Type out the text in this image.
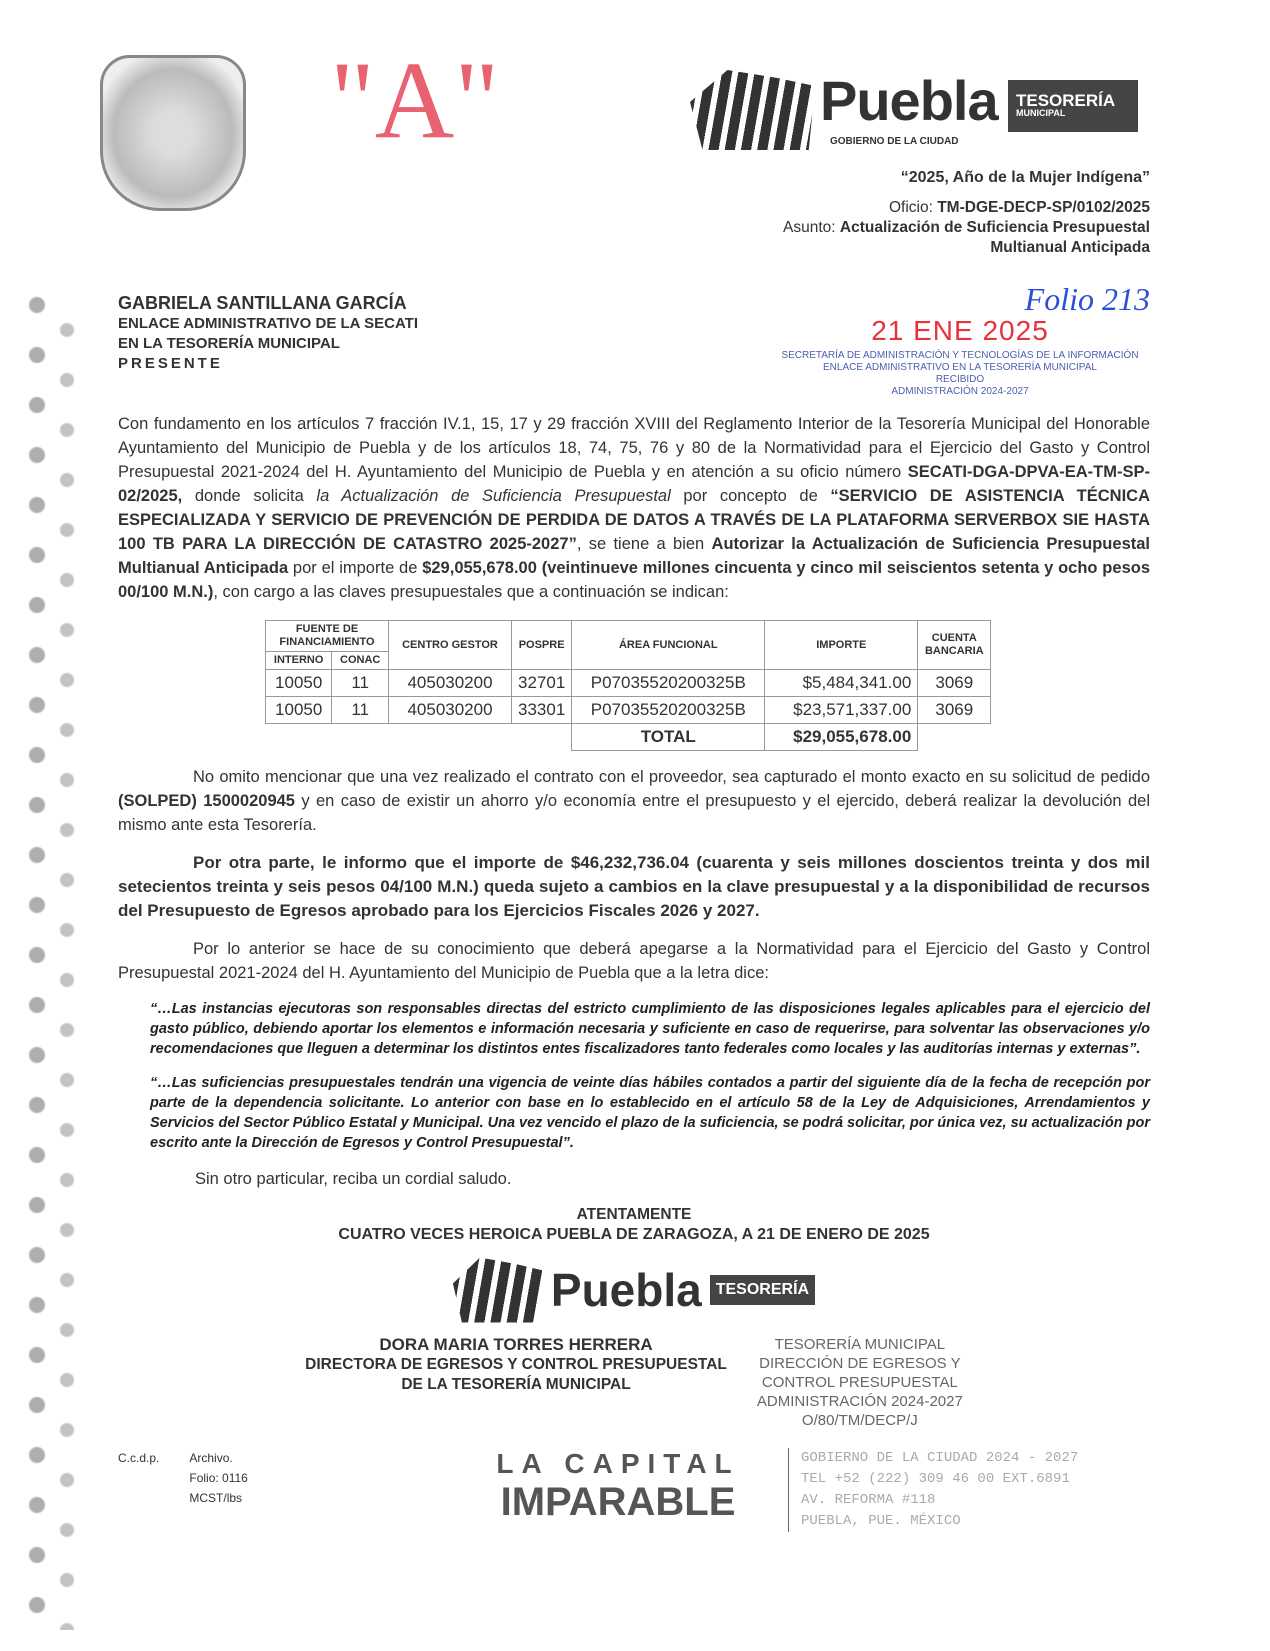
"A"	Puebla
GOBIERNO DE LA CIUDAD
TESORERÍA
MUNICIPAL
“2025, Año de la Mujer Indígena”
Oficio: TM-DGE-DECP-SP/0102/2025
Asunto: Actualización de Suficiencia Presupuestal Multianual Anticipada
GABRIELA SANTILLANA GARCÍA
ENLACE ADMINISTRATIVO DE LA SECATI
EN LA TESORERÍA MUNICIPAL
PRESENTE
Folio 213
21 ENE 2025
SECRETARÍA DE ADMINISTRACIÓN Y TECNOLOGÍAS DE LA INFORMACIÓN
ENLACE ADMINISTRATIVO EN LA TESORERÍA MUNICIPAL
RECIBIDO
ADMINISTRACIÓN 2024-2027
Con fundamento en los artículos 7 fracción IV.1, 15, 17 y 29 fracción XVIII del Reglamento Interior de la Tesorería Municipal del Honorable Ayuntamiento del Municipio de Puebla y de los artículos 18, 74, 75, 76 y 80 de la Normatividad para el Ejercicio del Gasto y Control Presupuestal 2021-2024 del H. Ayuntamiento del Municipio de Puebla y en atención a su oficio número SECATI-DGA-DPVA-EA-TM-SP-02/2025, donde solicita la Actualización de Suficiencia Presupuestal por concepto de “SERVICIO DE ASISTENCIA TÉCNICA ESPECIALIZADA Y SERVICIO DE PREVENCIÓN DE PERDIDA DE DATOS A TRAVÉS DE LA PLATAFORMA SERVERBOX SIE HASTA 100 TB PARA LA DIRECCIÓN DE CATASTRO 2025-2027”, se tiene a bien Autorizar la Actualización de Suficiencia Presupuestal Multianual Anticipada por el importe de $29,055,678.00 (veintinueve millones cincuenta y cinco mil seiscientos setenta y ocho pesos 00/100 M.N.), con cargo a las claves presupuestales que a continuación se indican:
FUENTE DE FINANCIAMIENTO		CENTRO GESTOR	POSPRE	ÁREA FUNCIONAL	IMPORTE	CUENTA BANCARIA
INTERNO	CONAC					
10050	11	405030200	32701	P07035520200325B	$5,484,341.00	3069
10050	11	405030200	33301	P07035520200325B	$23,571,337.00	3069
				TOTAL	$29,055,678.00	
No omito mencionar que una vez realizado el contrato con el proveedor, sea capturado el monto exacto en su solicitud de pedido (SOLPED) 1500020945 y en caso de existir un ahorro y/o economía entre el presupuesto y el ejercido, deberá realizar la devolución del mismo ante esta Tesorería.
Por otra parte, le informo que el importe de $46,232,736.04 (cuarenta y seis millones doscientos treinta y dos mil setecientos treinta y seis pesos 04/100 M.N.) queda sujeto a cambios en la clave presupuestal y a la disponibilidad de recursos del Presupuesto de Egresos aprobado para los Ejercicios Fiscales 2026 y 2027.
Por lo anterior se hace de su conocimiento que deberá apegarse a la Normatividad para el Ejercicio del Gasto y Control Presupuestal 2021-2024 del H. Ayuntamiento del Municipio de Puebla que a la letra dice:
“…Las instancias ejecutoras son responsables directas del estricto cumplimiento de las disposiciones legales aplicables para el ejercicio del gasto público, debiendo aportar los elementos e información necesaria y suficiente en caso de requerirse, para solventar las observaciones y/o recomendaciones que lleguen a determinar los distintos entes fiscalizadores tanto federales como locales y las auditorías internas y externas”.
“…Las suficiencias presupuestales tendrán una vigencia de veinte días hábiles contados a partir del siguiente día de la fecha de recepción por parte de la dependencia solicitante. Lo anterior con base en lo establecido en el artículo 58 de la Ley de Adquisiciones, Arrendamientos y Servicios del Sector Público Estatal y Municipal. Una vez vencido el plazo de la suficiencia, se podrá solicitar, por única vez, su actualización por escrito ante la Dirección de Egresos y Control Presupuestal”.
Sin otro particular, reciba un cordial saludo.
ATENTAMENTE
CUATRO VECES HEROICA PUEBLA DE ZARAGOZA, A 21 DE ENERO DE 2025
Puebla TESORERÍA
DORA MARIA TORRES HERRERA
DIRECTORA DE EGRESOS Y CONTROL PRESUPUESTAL
DE LA TESORERÍA MUNICIPAL
TESORERÍA MUNICIPAL
DIRECCIÓN DE EGRESOS Y
CONTROL PRESUPUESTAL
ADMINISTRACIÓN 2024-2027
O/80/TM/DECP/J
C.c.d.p.	Archivo.
Folio: 0116
MCST/lbs
LA CAPITAL
IMPARABLE
GOBIERNO DE LA CIUDAD 2024 - 2027
TEL +52 (222) 309 46 00 EXT.6891
AV. REFORMA #118
PUEBLA, PUE. MÉXICO
